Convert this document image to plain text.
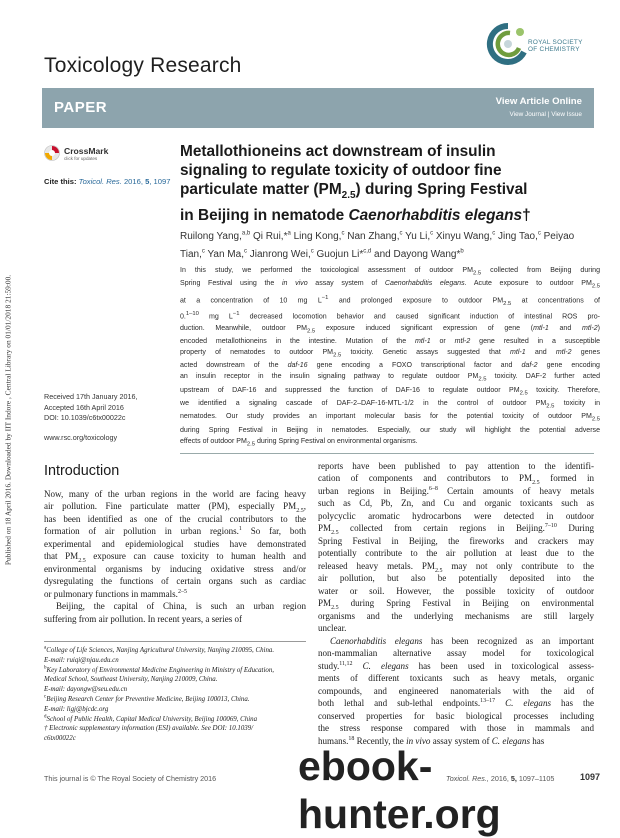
Published on 18 April 2016. Downloaded by IIT Indore , Central Library on 01/01/2018 21:59:00.
ROYAL SOCIETY
OF CHEMISTRY
Toxicology Research
PAPER	View Article Online
View Journal | View Issue
CrossMark
click for updates
Cite this: Toxicol. Res. 2016, 5, 1097
Metallothioneins act downstream of insulin
signaling to regulate toxicity of outdoor fine
particulate matter $(PM_{2.5})$ during Spring Festival
in Beijing in nematode Caenorhabditis elegans†
Ruilong Yang,$^{a,b}$ Qi Rui,*$^a$ Ling Kong,$^c$ Nan Zhang,$^c$ Yu Li,$^c$ Xinyu Wang,$^c$ Jing Tao,$^c$ Peiyao Tian,$^c$ Yan Ma,$^c$ Jianrong Wei,$^c$ Guojun Li*$^{c,d}$ and Dayong Wang*$^b$
In this study, we performed the toxicological assessment of outdoor $PM_{2.5}$ collected from Beijing during
Spring Festival using the in vivo assay system of Caenorhabditis elegans. Acute exposure to outdoor $PM_{2.5}$
at a concentration of 10 mg $L^{-1}$ and prolonged exposure to outdoor $PM_{2.5}$ at concentrations of
0.$^{1-10}$ mg $L^{-1}$ decreased locomotion behavior and caused significant induction of intestinal ROS pro-
duction. Meanwhile, outdoor $PM_{2.5}$ exposure induced significant expression of gene (mtl-1 and mtl-2)
encoded metallothioneins in the intestine. Mutation of the mtl-1 or mtl-2 gene resulted in a susceptible
property of nematodes to outdoor $PM_{2.5}$ toxicity. Genetic assays suggested that mtl-1 and mtl-2 genes
acted downstream of the daf-16 gene encoding a FOXO transcriptional factor and daf-2 gene encoding
an insulin receptor in the insulin signaling pathway to regulate outdoor $PM_{2.5}$ toxicity. DAF-2 further acted
upstream of DAF-16 and suppressed the function of DAF-16 to regulate outdoor $PM_{2.5}$ toxicity. Therefore,
we identified a signaling cascade of DAF-2–DAF-16-MTL-1/2 in the control of outdoor $PM_{2.5}$ toxicity in
nematodes. Our study provides an important molecular basis for the potential toxicity of outdoor $PM_{2.5}$
during Spring Festival in Beijing in nematodes. Especially, our study will highlight the potential adverse
effects of outdoor $PM_{2.5}$ during Spring Festival on environmental organisms.
Received 17th January 2016,
Accepted 16th April 2016
DOI: 10.1039/c6tx00022c
www.rsc.org/toxicology
Introduction
Now, many of the urban regions in the world are facing heavy
air pollution. Fine particulate matter (PM), especially $PM_{2.5}$,
has been identified as one of the crucial contributors to the
formation of air pollution in urban regions.$^1$ So far, both
experimental and epidemiological studies have demonstrated
that $PM_{2.5}$ exposure can cause toxicity to human health and
environmental organisms by inducing oxidative stress and/or
dysregulating the functions of certain organs such as cardiac
or pulmonary functions in mammals.$^{2-5}$
Beijing, the capital of China, is such an urban region
suffering from air pollution. In recent years, a series of
reports have been published to pay attention to the identifi-
cation of components and contributors to $PM_{2.5}$ formed in
urban regions in Beijing.$^{6-8}$ Certain amounts of heavy metals
such as Cd, Pb, Zn, and Cu and organic toxicants such as
polycyclic aromatic hydrocarbons were detected in outdoor
$PM_{2.5}$ collected from certain regions in Beijing.$^{7-10}$ During
Spring Festival in Beijing, the fireworks and crackers may
potentially contribute to the air pollution at least due to the
released heavy metals. $PM_{2.5}$ may not only contribute to the
air pollution, but also be potentially deposited into the
water or soil. However, the possible toxicity of outdoor
$PM_{2.5}$ during Spring Festival in Beijing on environmental
organisms and the underlying mechanisms are still largely
unclear.
Caenorhabditis elegans has been recognized as an important
non-mammalian alternative assay model for toxicological
study.$^{11,12}$ C. elegans has been used in toxicological assess-
ments of different toxicants such as heavy metals, organic
compounds, and engineered nanomaterials with the aid of
both lethal and sub-lethal endpoints.$^{13-17}$ C. elegans has the
conserved properties for basic biological processes including
the stress response compared with those in mammals and
humans.$^{18}$ Recently, the in vivo assay system of C. elegans has
$^a$College of Life Sciences, Nanjing Agricultural University, Nanjing 210095, China.
E-mail: ruiqi@njau.edu.cn
$^b$Key Laboratory of Environmental Medicine Engineering in Ministry of Education,
Medical School, Southeast University, Nanjing 210009, China.
E-mail: dayongw@seu.edu.cn
$^c$Beijing Research Center for Preventive Medicine, Beijing 100013, China.
E-mail: ligj@bjcdc.org
$^d$School of Public Health, Capital Medical University, Beijing 100069, China
† Electronic supplementary information (ESI) available. See DOI: 10.1039/
c6tx00022c
This journal is © The Royal Society of Chemistry 2016	Toxicol. Res., 2016, 5, 1097–1105	1097
ebook-hunter.org
